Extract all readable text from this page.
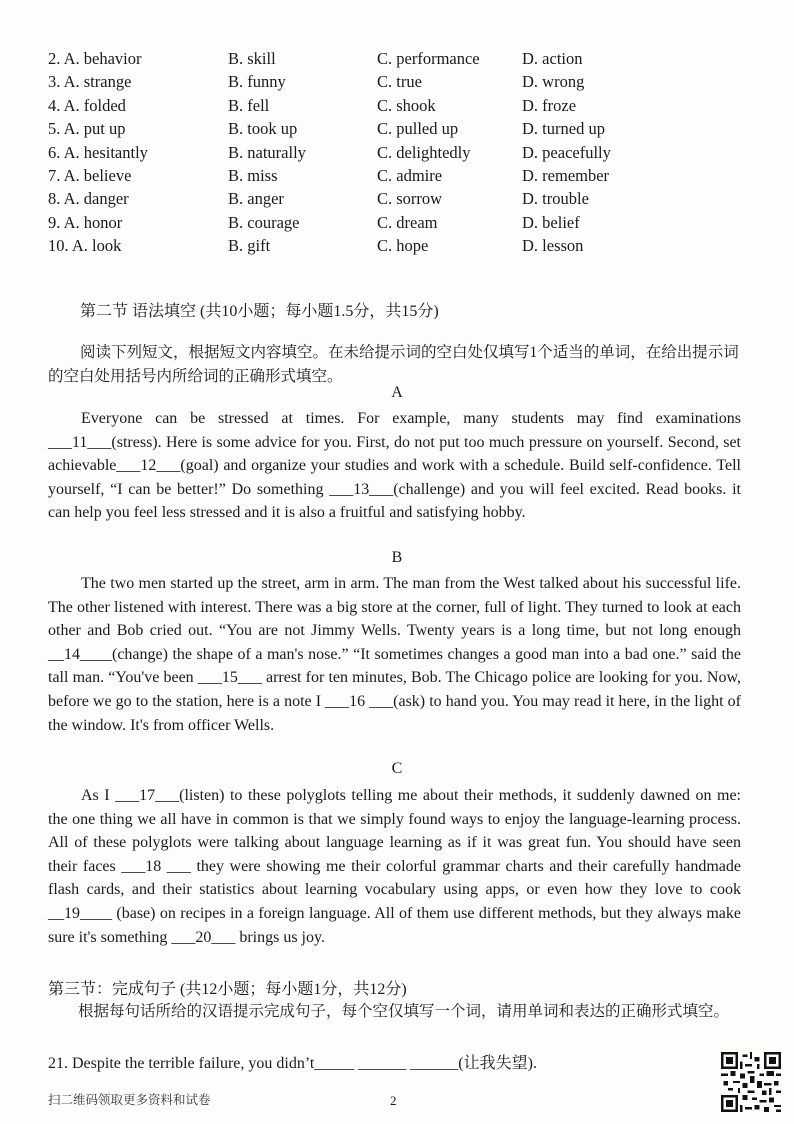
2. A. behavior	B. skill	C. performance	D. action
3. A. strange	B. funny	C. true	D. wrong
4. A. folded	B. fell	C. shook	D. froze
5. A. put up	B. took up	C. pulled up	D. turned up
6. A. hesitantly	B. naturally	C. delightedly	D. peacefully
7. A. believe	B. miss	C. admire	D. remember
8. A. danger	B. anger	C. sorrow	D. trouble
9. A. honor	B. courage	C. dream	D. belief
10. A. look	B. gift	C. hope	D. lesson
第二节 语法填空 (共10小题；每小题1.5分，共15分)
阅读下列短文，根据短文内容填空。在未给提示词的空白处仅填写1个适当的单词，在给出提示词的空白处用括号内所给词的正确形式填空。
A
Everyone can be stressed at times. For example, many students may find examinations ___11___(stress). Here is some advice for you. First, do not put too much pressure on yourself. Second, set achievable___12___(goal) and organize your studies and work with a schedule. Build self-confidence. Tell yourself, “I can be better!” Do something ___13___(challenge) and you will feel excited. Read books. it can help you feel less stressed and it is also a fruitful and satisfying hobby.
B
The two men started up the street, arm in arm. The man from the West talked about his successful life. The other listened with interest. There was a big store at the corner, full of light. They turned to look at each other and Bob cried out. “You are not Jimmy Wells. Twenty years is a long time, but not long enough __14____(change) the shape of a man's nose.” “It sometimes changes a good man into a bad one.” said the tall man. “You've been ___15___ arrest for ten minutes, Bob. The Chicago police are looking for you. Now, before we go to the station, here is a note I ___16 ___(ask) to hand you. You may read it here, in the light of the window. It's from officer Wells.
C
As I ___17___(listen) to these polyglots telling me about their methods, it suddenly dawned on me: the one thing we all have in common is that we simply found ways to enjoy the language-learning process. All of these polyglots were talking about language learning as if it was great fun. You should have seen their faces ___18 ___ they were showing me their colorful grammar charts and their carefully handmade flash cards, and their statistics about learning vocabulary using apps, or even how they love to cook __19____ (base) on recipes in a foreign language. All of them use different methods, but they always make sure it's something ___20___ brings us joy.
第三节：完成句子 (共12小题；每小题1分，共12分)
根据每句话所给的汉语提示完成句子，每个空仅填写一个词，请用单词和表达的正确形式填空。
21. Despite the terrible failure, you didn’t_____ ______ ______(让我失望).
扫二维码领取更多资料和试卷	2
